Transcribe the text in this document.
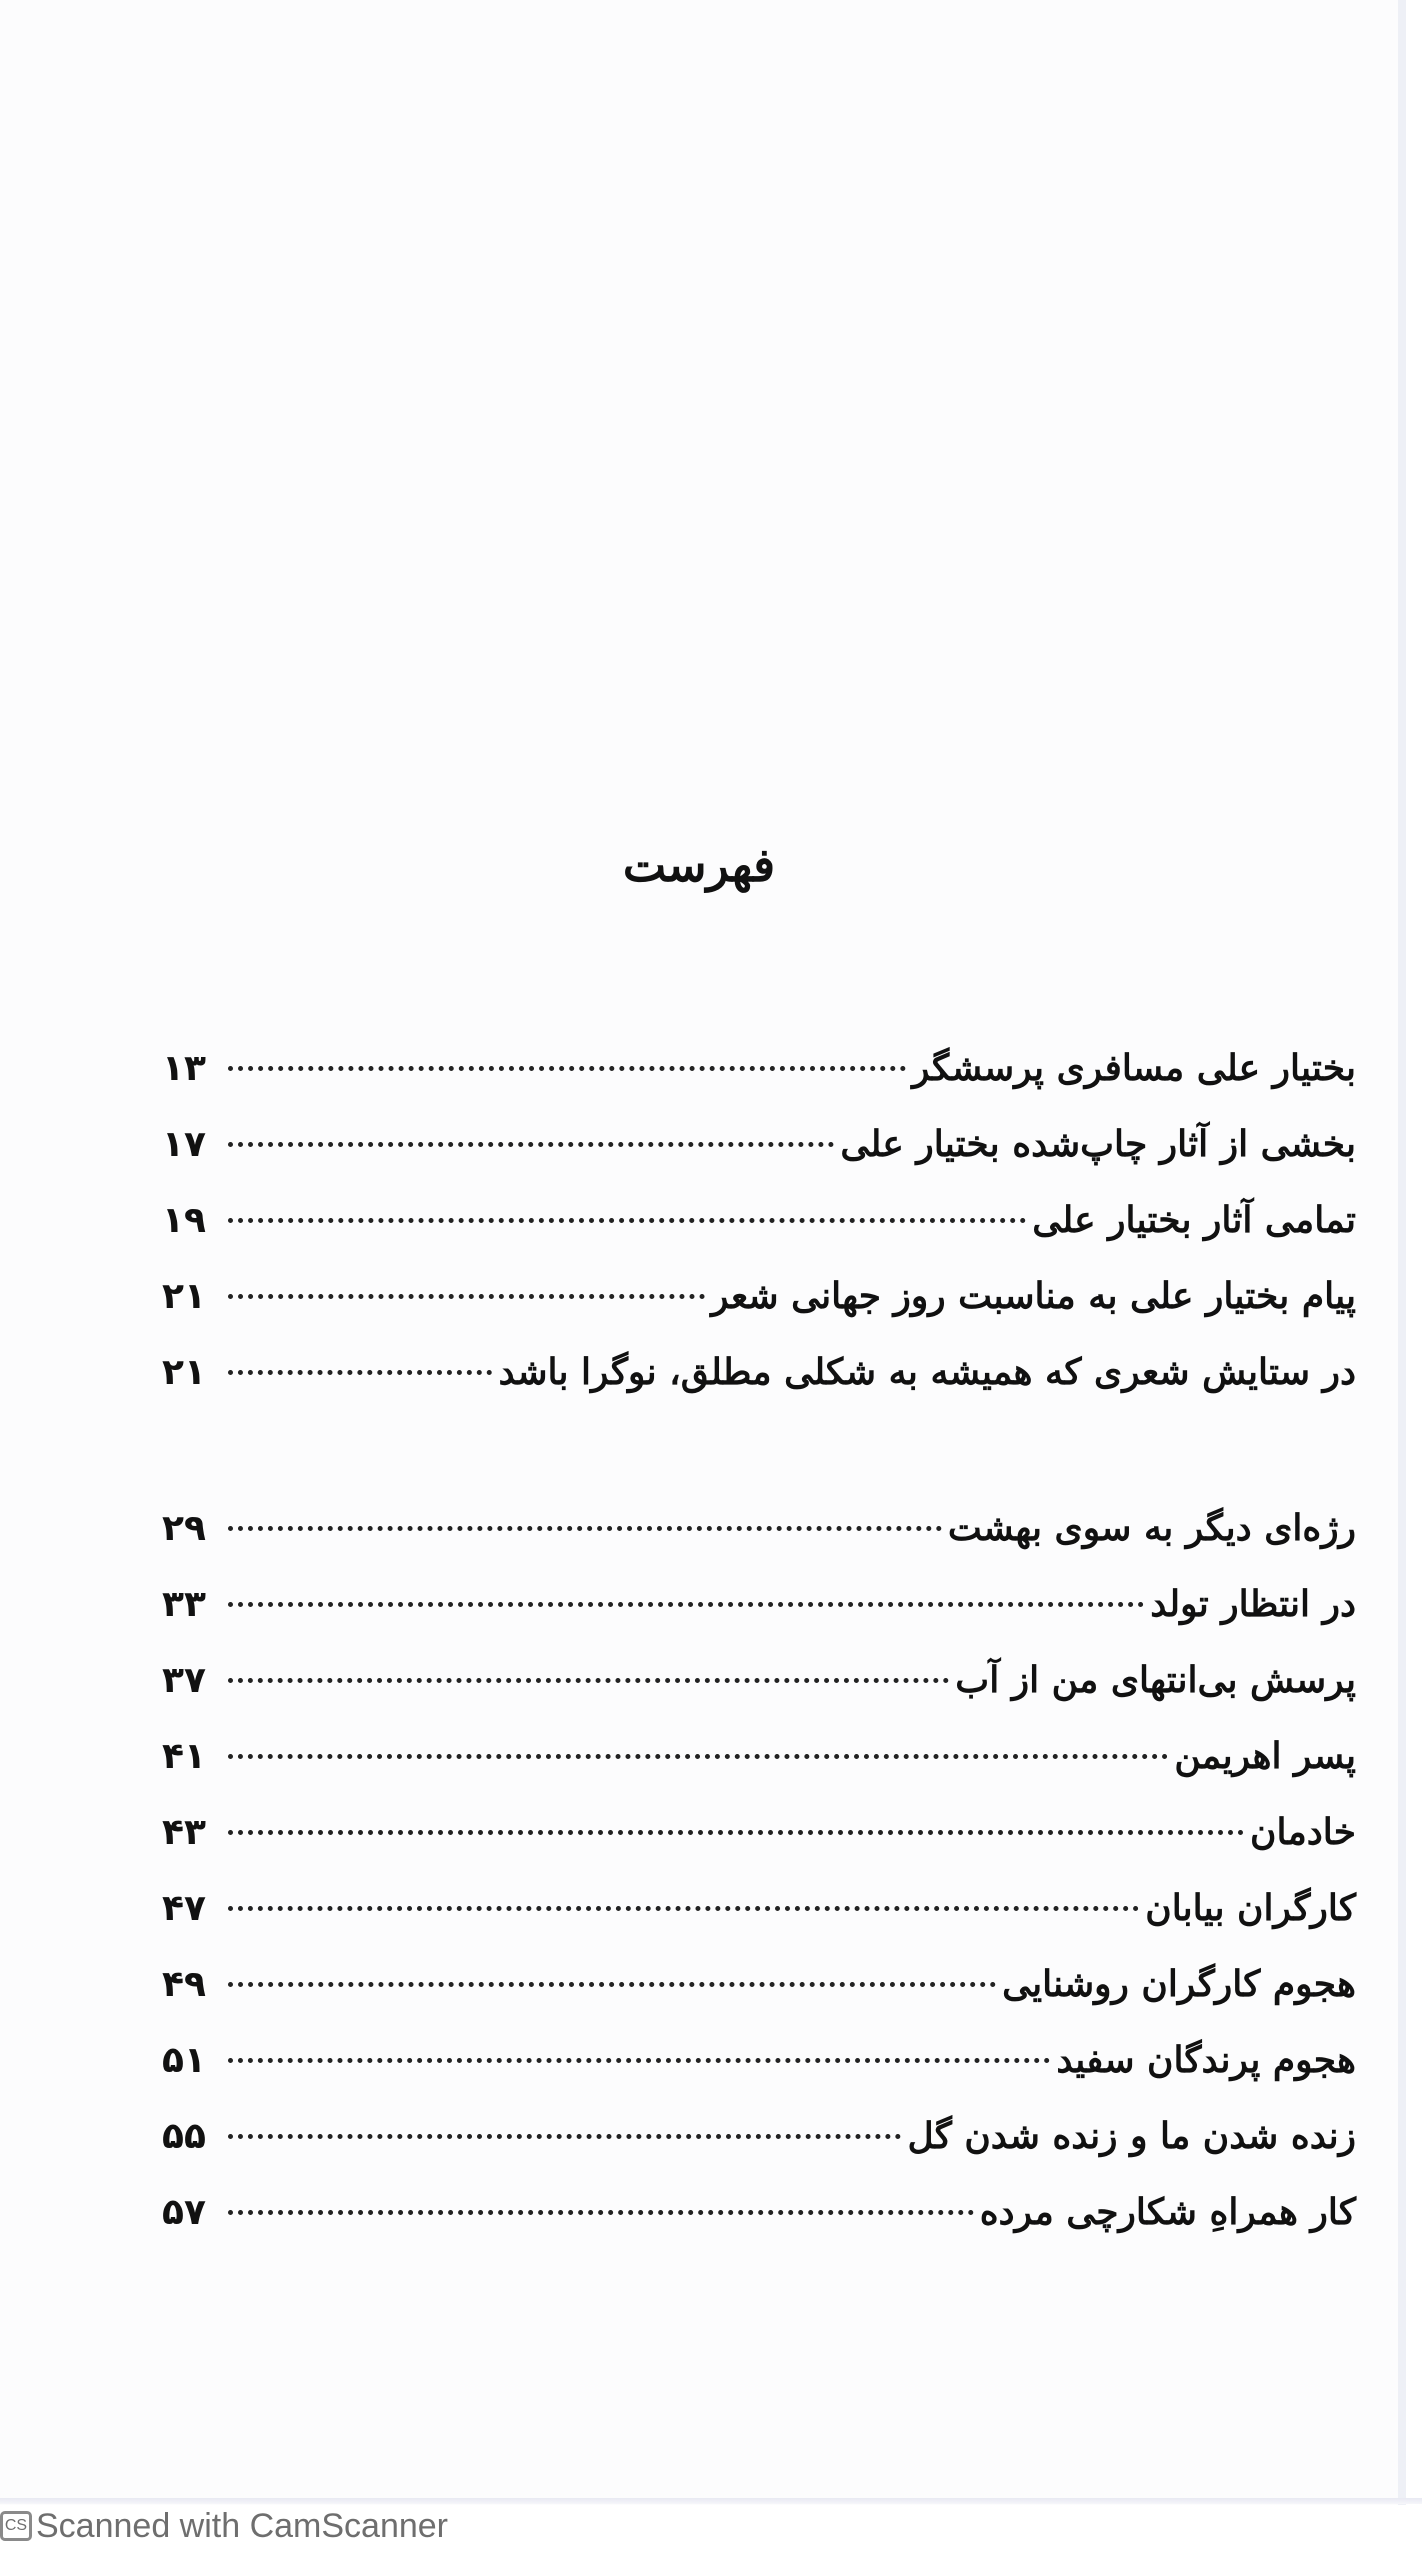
فهرست
بختیار علی مسافری پرسشگر
۱۳
بخشی از آثار چاپ‌شده بختیار علی
۱۷
تمامی آثار بختیار علی
۱۹
پیام بختیار علی به مناسبت روز جهانی شعر
۲۱
در ستایش شعری که همیشه به شکلی مطلق، نوگرا باشد
۲۱
رژه‌ای دیگر به سوی بهشت
۲۹
در انتظار تولد
۳۳
پرسش بی‌انتهای من از آب
۳۷
پسر اهریمن
۴۱
خادمان
۴۳
کارگران بیابان
۴۷
هجوم کارگران روشنایی
۴۹
هجوم پرندگان سفید
۵۱
زنده شدن ما و زنده شدن گل
۵۵
کار همراهِ شکارچی مرده
۵۷
CS Scanned with CamScanner
